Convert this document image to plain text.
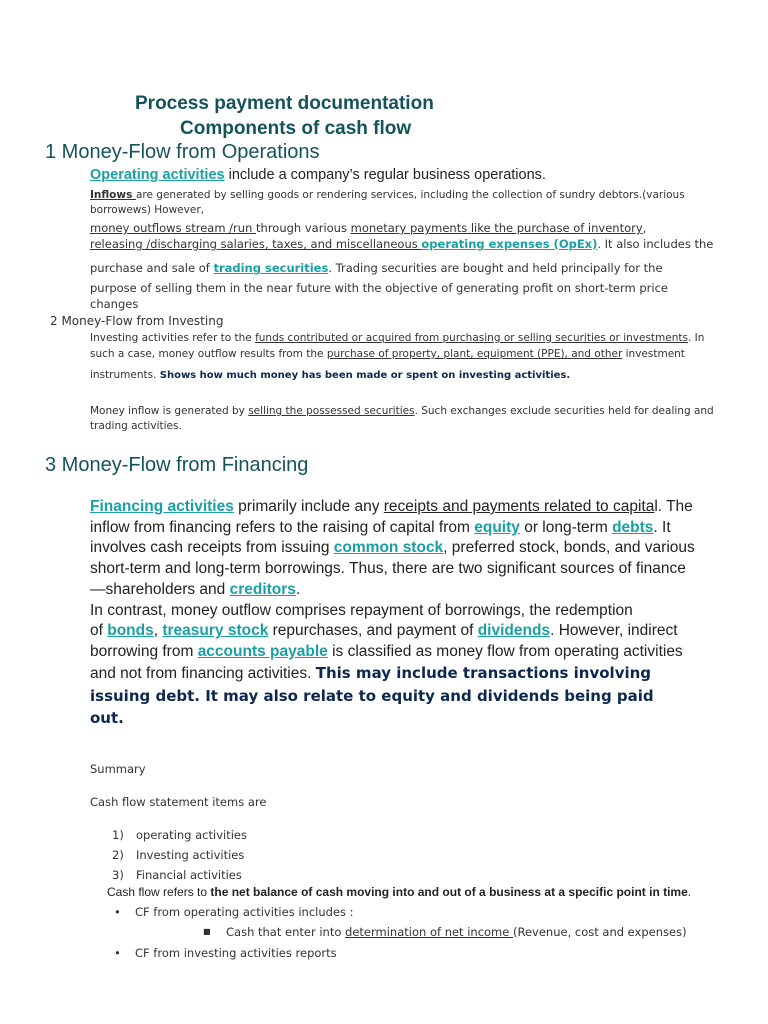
Process payment documentation
Components of cash flow
1 Money-Flow from Operations
Operating activities include a company’s regular business operations.
Inflows are generated by selling goods or rendering services, including the collection of sundry debtors.(various
borrowews) However,
money outflows stream /run through various monetary payments like the purchase of inventory,
releasing /discharging salaries, taxes, and miscellaneous operating expenses (OpEx). It also includes the
purchase and sale of trading securities. Trading securities are bought and held principally for the
purpose of selling them in the near future with the objective of generating profit on short-term price
changes
2 Money-Flow from Investing
Investing activities refer to the funds contributed or acquired from purchasing or selling securities or investments. In
such a case, money outflow results from the purchase of property, plant, equipment (PPE), and other investment
instruments. Shows how much money has been made or spent on investing activities.
Money inflow is generated by selling the possessed securities. Such exchanges exclude securities held for dealing and
trading activities.
3 Money-Flow from Financing
Financing activities primarily include any receipts and payments related to capital. The
inflow from financing refers to the raising of capital from equity or long-term debts. It
involves cash receipts from issuing common stock, preferred stock, bonds, and various
short-term and long-term borrowings. Thus, there are two significant sources of finance
—shareholders and creditors.
In contrast, money outflow comprises repayment of borrowings, the redemption
of bonds, treasury stock repurchases, and payment of dividends. However, indirect
borrowing from accounts payable is classified as money flow from operating activities
and not from financing activities. This may include transactions involving
issuing debt. It may also relate to equity and dividends being paid
out.
Summary
Cash flow statement items are
1) operating activities
2) Investing activities
3) Financial activities
Cash flow refers to the net balance of cash moving into and out of a business at a specific point in time.
• CF from operating activities includes :
■ Cash that enter into determination of net income (Revenue, cost and expenses)
• CF from investing activities reports
